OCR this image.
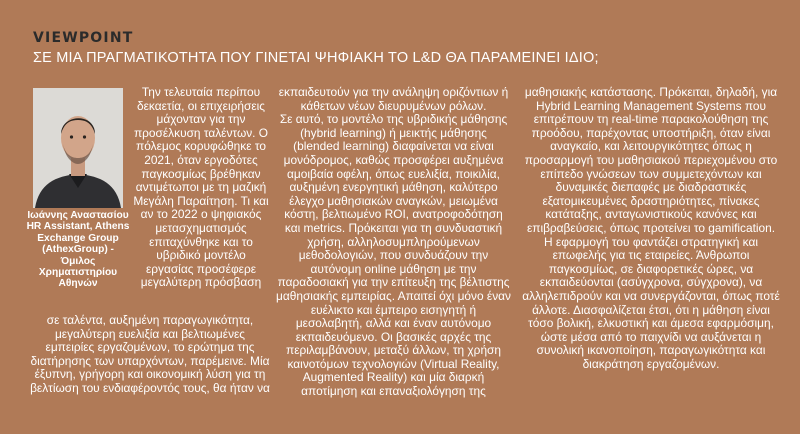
VIEWPOINT
ΣΕ ΜΙΑ ΠΡΑΓΜΑΤΙΚΟΤΗΤΑ ΠΟΥ ΓΙΝΕΤΑΙ ΨΗΦΙΑΚΗ ΤΟ L&D ΘΑ ΠΑΡΑΜΕΙΝΕΙ ΙΔΙΟ;
Ιωάννης Αναστασίου HR Assistant, Athens Exchange Group (AthexGroup) - Όμιλος Χρηματιστηρίου Αθηνών

Την τελευταία περίπου δεκαετία, οι επιχειρήσεις μάχονταν για την προσέλκυση ταλέντων. Ο πόλεμος κορυφώθηκε το 2021, όταν εργοδότες παγκοσμίως βρέθηκαν αντιμέτωποι με τη μαζική Μεγάλη Παραίτηση. Τι και αν το 2022 ο ψηφιακός μετασχηματισμός επιταχύνθηκε και το υβριδικό μοντέλο εργασίας προσέφερε μεγαλύτερη πρόσβαση

σε ταλέντα, αυξημένη παραγωγικότητα, μεγαλύτερη ευελιξία και βελτιωμένες εμπειρίες εργαζομένων, το ερώτημα της διατήρησης των υπαρχόντων, παρέμεινε. Μία έξυπνη, γρήγορη και οικονομική λύση για τη βελτίωση του ενδιαφέροντός τους, θα ήταν να

εκπαιδευτούν για την ανάληψη οριζόντιων ή κάθετων νέων διευρυμένων ρόλων.

Σε αυτό, το μοντέλο της υβριδικής μάθησης (hybrid learning) ή μεικτής μάθησης (blended learning) διαφαίνεται να είναι μονόδρομος, καθώς προσφέρει αυξημένα αμοιβαία οφέλη, όπως ευελιξία, ποικιλία, αυξημένη ενεργητική μάθηση, καλύτερο έλεγχο μαθησιακών αναγκών, μειωμένα κόστη, βελτιωμένο ROI, ανατροφοδότηση και metrics. Πρόκειται για τη συνδυαστική χρήση, αλληλοσυμπληρούμενων μεθοδολογιών, που συνδυάζουν την αυτόνομη online μάθηση με την παραδοσιακή για την επίτευξη της βέλτιστης μαθησιακής εμπειρίας. Απαιτεί όχι μόνο έναν ευέλικτο και έμπειρο εισηγητή ή μεσολαβητή, αλλά και έναν αυτόνομο εκπαιδευόμενο. Οι βασικές αρχές της περιλαμβάνουν, μεταξύ άλλων, τη χρήση καινοτόμων τεχνολογιών (Virtual Reality, Augmented Reality) και μία διαρκή αποτίμηση και επαναξιολόγηση της

μαθησιακής κατάστασης. Πρόκειται, δηλαδή, για Hybrid Learning Management Systems που επιτρέπουν τη real-time παρακολούθηση της προόδου, παρέχοντας υποστήριξη, όταν είναι αναγκαίο, και λειτουργικότητες όπως η προσαρμογή του μαθησιακού περιεχομένου στο επίπεδο γνώσεων των συμμετεχόντων και δυναμικές διεπαφές με διαδραστικές εξατομικευμένες δραστηριότητες, πίνακες κατάταξης, ανταγωνιστικούς κανόνες και επιβραβεύσεις, όπως προτείνει το gamification.

Η εφαρμογή του φαντάζει στρατηγική και επωφελής για τις εταιρείες. Άνθρωποι παγκοσμίως, σε διαφορετικές ώρες, να εκπαιδεύονται (ασύγχρονα, σύγχρονα), να αλληλεπιδρούν και να συνεργάζονται, όπως ποτέ άλλοτε. Διασφαλίζεται έτσι, ότι η μάθηση είναι τόσο βολική, ελκυστική και άμεσα εφαρμόσιμη, ώστε μέσα από το παιχνίδι να αυξάνεται η συνολική ικανοποίηση, παραγωγικότητα και διακράτηση εργαζομένων.
